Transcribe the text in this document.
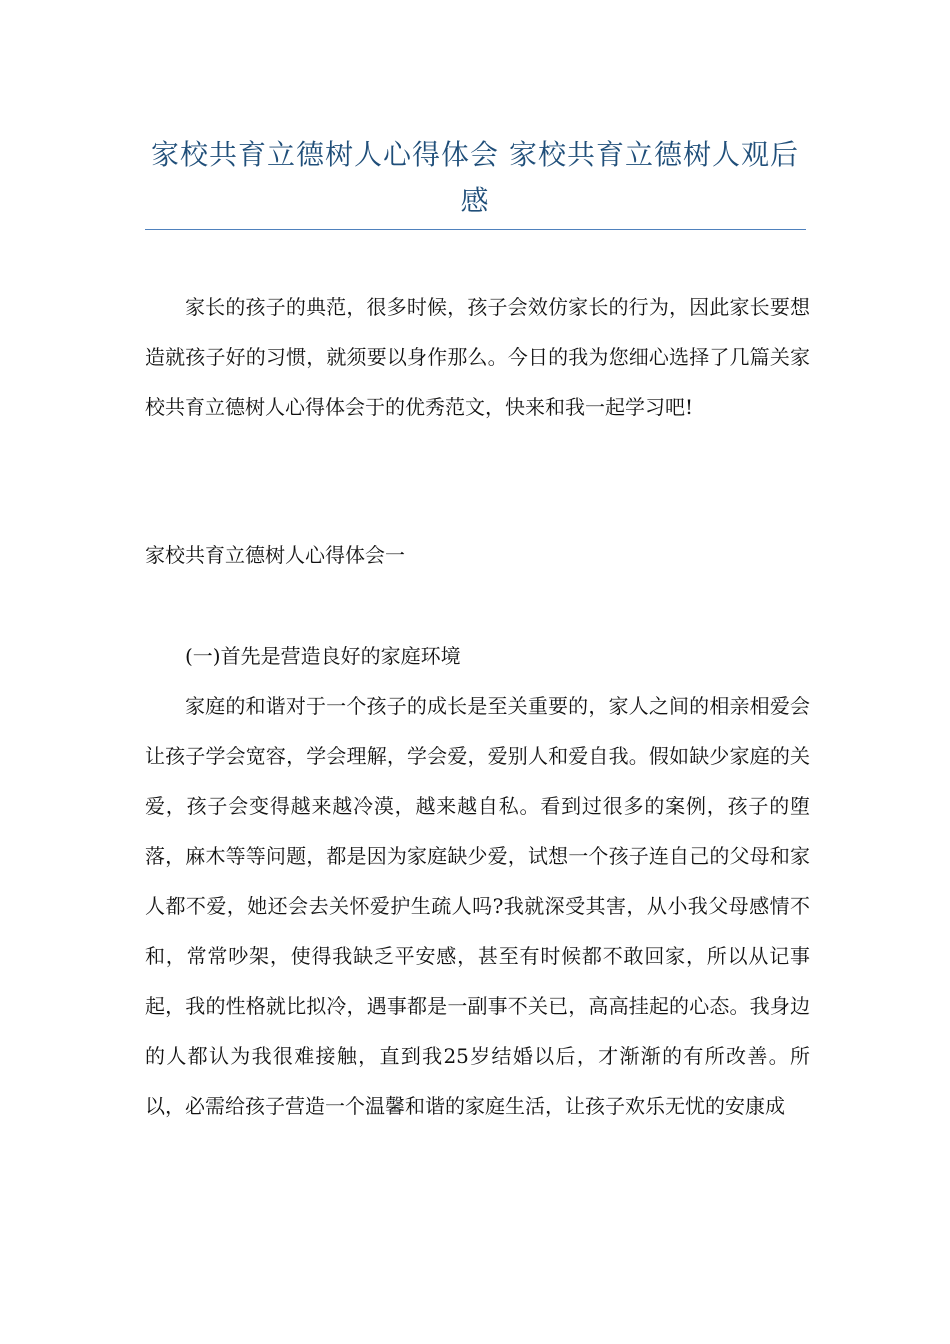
家校共育立德树人心得体会 家校共育立德树人观后感

家长的孩子的典范，很多时候，孩子会效仿家长的行为，因此家长要想造就孩子好的习惯，就须要以身作那么。今日的我为您细心选择了几篇关家校共育立德树人心得体会于的优秀范文，快来和我一起学习吧!

家校共育立德树人心得体会一

(一)首先是营造良好的家庭环境

家庭的和谐对于一个孩子的成长是至关重要的，家人之间的相亲相爱会让孩子学会宽容，学会理解，学会爱，爱别人和爱自我。假如缺少家庭的关爱，孩子会变得越来越冷漠，越来越自私。看到过很多的案例，孩子的堕落，麻木等等问题，都是因为家庭缺少爱，试想一个孩子连自己的父母和家人都不爱，她还会去关怀爱护生疏人吗?我就深受其害，从小我父母感情不和，常常吵架，使得我缺乏平安感，甚至有时候都不敢回家，所以从记事起，我的性格就比拟冷，遇事都是一副事不关已，高高挂起的心态。我身边的人都认为我很难接触，直到我25岁结婚以后，才渐渐的有所改善。所以，必需给孩子营造一个温馨和谐的家庭生活，让孩子欢乐无忧的安康成
